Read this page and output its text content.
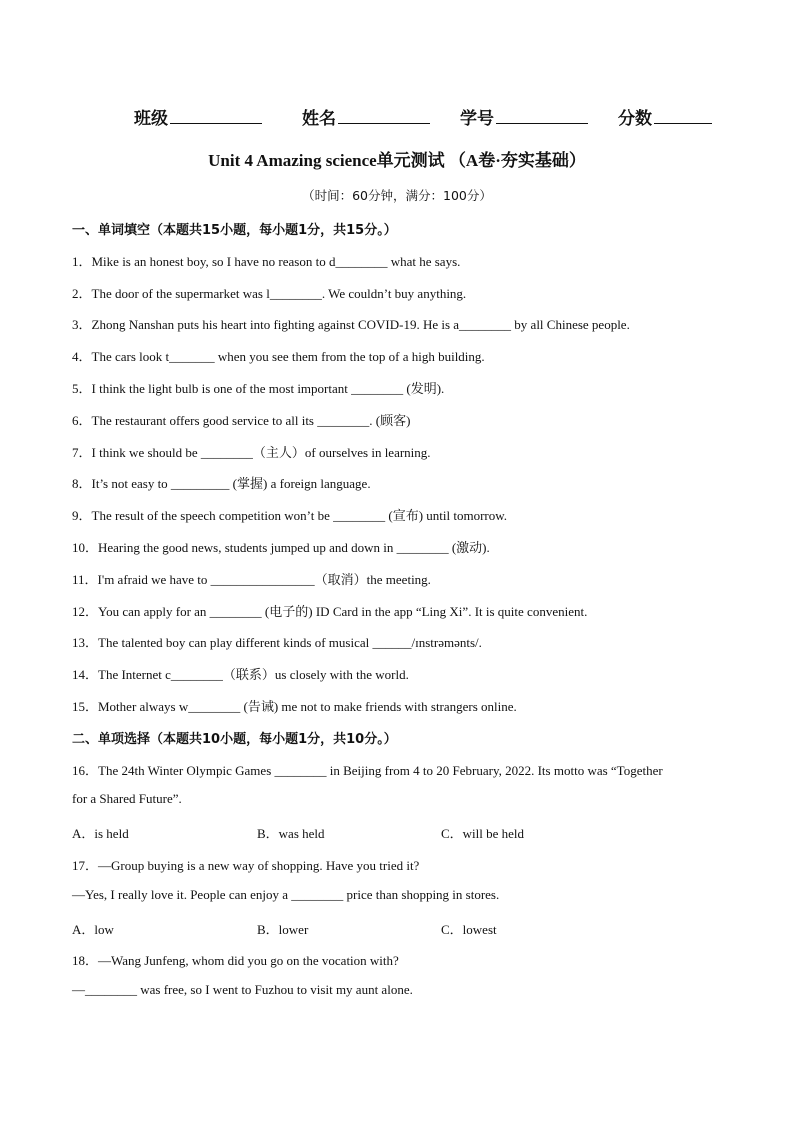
班级	姓名	学号	分数
Unit 4 Amazing science单元测试 （A卷·夯实基础）
（时间：60分钟，满分：100分）
一、单词填空（本题共15小题，每小题1分，共15分。）
1．Mike is an honest boy, so I have no reason to d________ what he says.
2．The door of the supermarket was l________. We couldn’t buy anything.
3．Zhong Nanshan puts his heart into fighting against COVID-19. He is a________ by all Chinese people.
4．The cars look t_______ when you see them from the top of a high building.
5．I think the light bulb is one of the most important ________ (发明).
6．The restaurant offers good service to all its ________. (顾客)
7．I think we should be ________（主人）of ourselves in learning.
8．It’s not easy to _________ (掌握) a foreign language.
9．The result of the speech competition won’t be ________ (宣布) until tomorrow.
10．Hearing the good news, students jumped up and down in ________ (激动).
11．I'm afraid we have to ________________（取消）the meeting.
12．You can apply for an ________ (电子的) ID Card in the app “Ling Xi”. It is quite convenient.
13．The talented boy can play different kinds of musical ______/ɪnstrəmənts/.
14．The Internet c________（联系）us closely with the world.
15．Mother always w________ (告诫) me not to make friends with strangers online.
二、单项选择（本题共10小题，每小题1分，共10分。）
16．The 24th Winter Olympic Games ________ in Beijing from 4 to 20 February, 2022. Its motto was “Together
for a Shared Future”.
A．is held	B．was held	C．will be held
17．—Group buying is a new way of shopping. Have you tried it?
—Yes, I really love it. People can enjoy a ________ price than shopping in stores.
A．low	B．lower	C．lowest
18．—Wang Junfeng, whom did you go on the vocation with?
—________ was free, so I went to Fuzhou to visit my aunt alone.
